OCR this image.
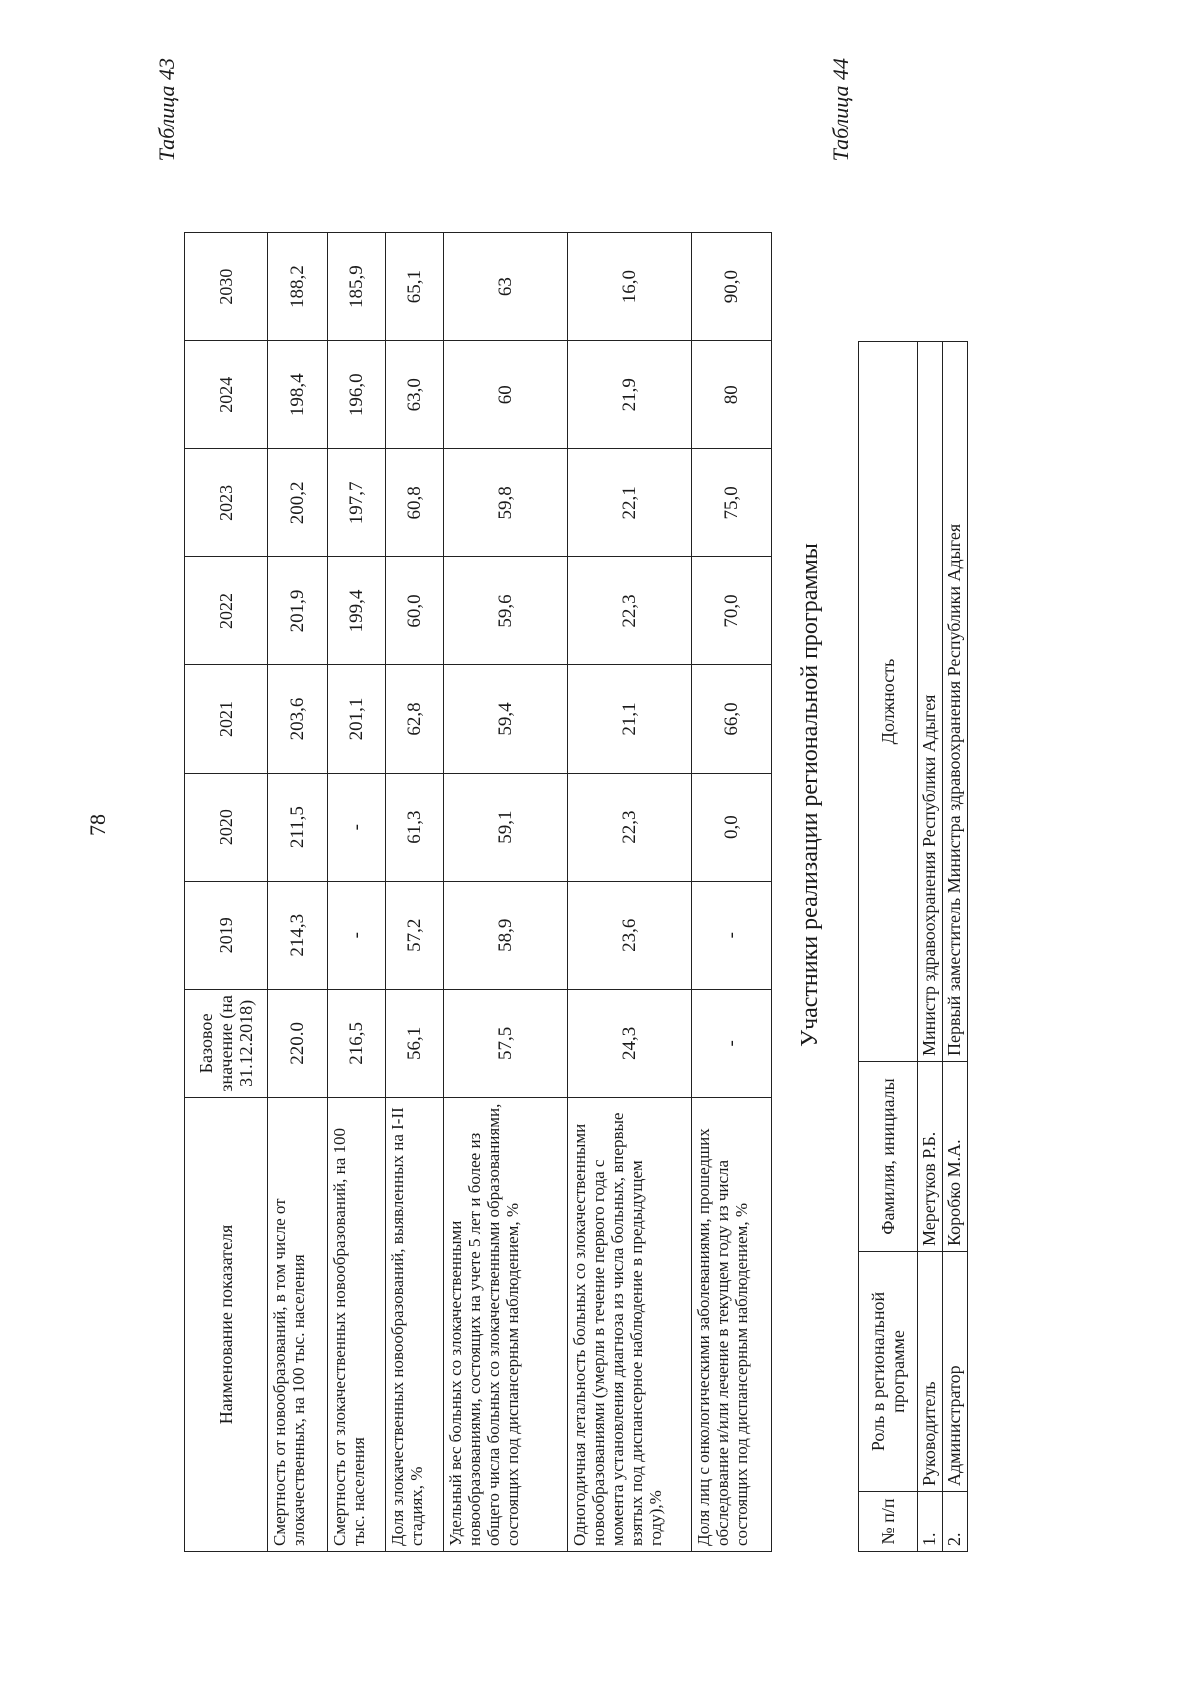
78

Таблица 43

Наименование показателя	Базовое значение (на 31.12.2018)	2019	2020	2021	2022	2023	2024	2030
Смертность от новообразований, в том числе от злокачественных, на 100 тыс. населения	220.0	214,3	211,5	203,6	201,9	200,2	198,4	188,2
Смертность от злокачественных новообразований, на 100 тыс. населения	216,5	-	-	201,1	199,4	197,7	196,0	185,9
Доля злокачественных новообразований, выявленных на I-II стадиях, %	56,1	57,2	61,3	62,8	60,0	60,8	63,0	65,1
Удельный вес больных со злокачественными новообразованиями, состоящих на учете 5 лет и более из общего числа больных со злокачественными образованиями, состоящих под диспансерным наблюдением, %	57,5	58,9	59,1	59,4	59,6	59,8	60	63
Одногодичная летальность больных со злокачественными новообразованиями (умерли в течение первого года с момента установления диагноза из числа больных, впервые взятых под диспансерное наблюдение в предыдущем году),%	24,3	23,6	22,3	21,1	22,3	22,1	21,9	16,0
Доля лиц с онкологическими заболеваниями, прошедших обследование и/или лечение в текущем году из числа состоящих под диспансерным наблюдением, %	-	-	0,0	66,0	70,0	75,0	80	90,0

Участники реализации региональной программы

Таблица 44

№ п/п	Роль в региональной программе	Фамилия, инициалы	Должность
1.	Руководитель	Меретуков Р.Б.	Министр здравоохранения Республики Адыгея
2.	Администратор	Коробко М.А.	Первый заместитель Министра здравоохранения Республики Адыгея
